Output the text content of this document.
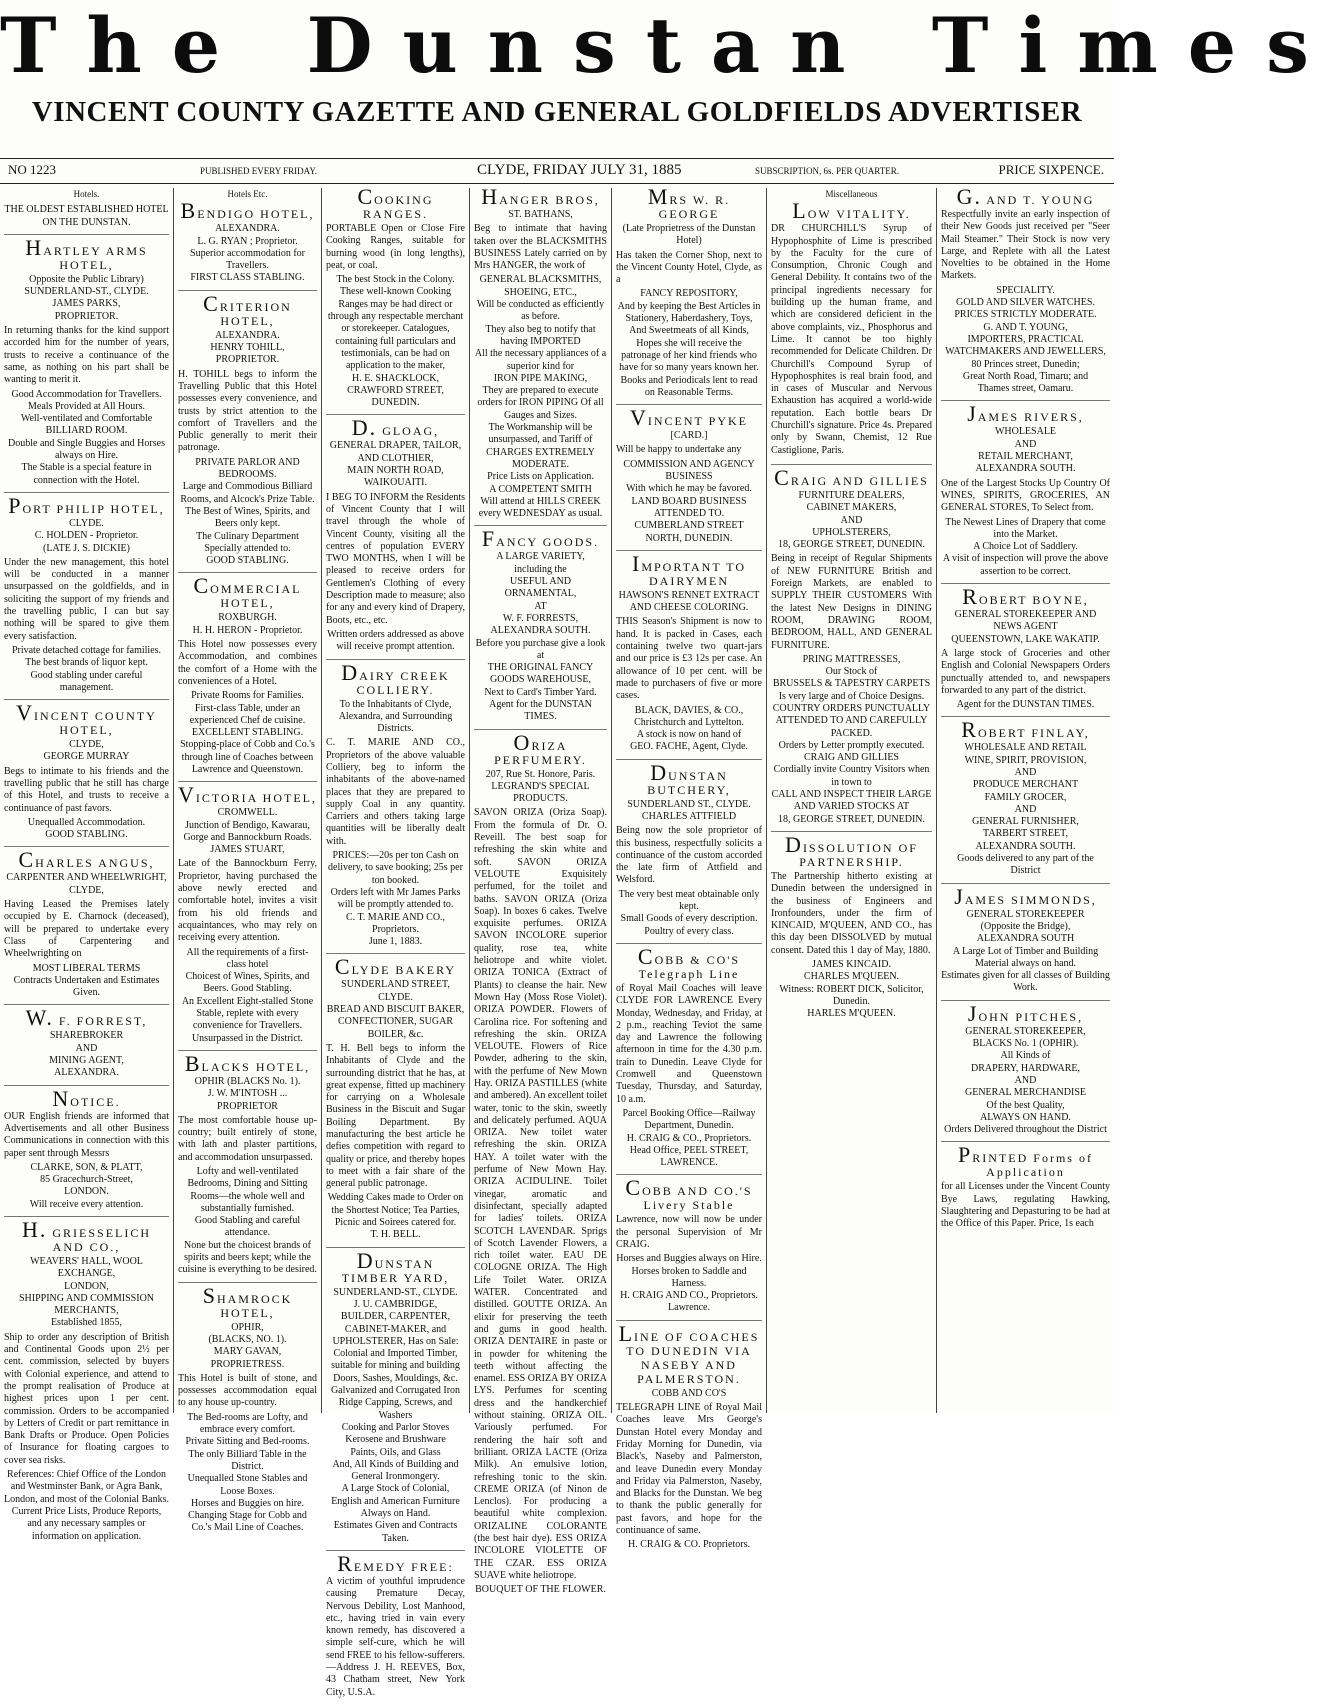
The Dunstan Times
VINCENT COUNTY GAZETTE AND GENERAL GOLDFIELDS ADVERTISER
NO 1223	PUBLISHED EVERY FRIDAY.	CLYDE, FRIDAY JULY 31, 1885	SUBSCRIPTION, 6s. PER QUARTER.	PRICE SIXPENCE.
Hotels.
THE OLDEST ESTABLISHED HOTEL
ON THE DUNSTAN.
HARTLEY ARMS HOTEL,
Opposite the Public Library)
SUNDERLAND-ST., CLYDE.
JAMES PARKS,
PROPRIETOR.
In returning thanks for the kind support accorded him for the number of years, trusts to receive a continuance of the same, as nothing on his part shall be wanting to merit it.
Good Accommodation for Travellers.
Meals Provided at All Hours.
Well-ventilated and Comfortable
BILLIARD ROOM.
Double and Single Buggies and Horses always on Hire.
The Stable is a special feature in connection with the Hotel.
PORT PHILIP HOTEL,
CLYDE.
C. HOLDEN - Proprietor.
(LATE J. S. DICKIE)
Under the new management, this hotel will be conducted in a manner unsurpassed on the goldfields, and in soliciting the support of my friends and the travelling public, I can but say nothing will be spared to give them every satisfaction.
Private detached cottage for families.
The best brands of liquor kept.
Good stabling under careful management.
VINCENT COUNTY HOTEL,
CLYDE,
GEORGE MURRAY
Begs to intimate to his friends and the travelling public that he still has charge of this Hotel, and trusts to receive a continuance of past favors.
Unequalled Accommodation.
GOOD STABLING.
CHARLES ANGUS,
CARPENTER AND WHEELWRIGHT,
CLYDE,
Having Leased the Premises lately occupied by E. Charnock (deceased), will be prepared to undertake every Class of Carpentering and Wheelwrighting on
MOST LIBERAL TERMS
Contracts Undertaken and Estimates Given.
W. F. FORREST,
SHAREBROKER
AND
MINING AGENT,
ALEXANDRA.
NOTICE.
OUR English friends are informed that Advertisements and all other Business Communications in connection with this paper sent through Messrs
CLARKE, SON, & PLATT,
85 Gracechurch-Street,
LONDON.
Will receive every attention.
H. GRIESSELICH AND CO.,
WEAVERS' HALL, WOOL EXCHANGE,
LONDON,
SHIPPING AND COMMISSION
MERCHANTS,
Established 1855,
Ship to order any description of British and Continental Goods upon 2½ per cent. commission, selected by buyers with Colonial experience, and attend to the prompt realisation of Produce at highest prices upon 1 per cent. commission. Orders to be accompanied by Letters of Credit or part remittance in Bank Drafts or Produce. Open Policies of Insurance for floating cargoes to cover sea risks.
References: Chief Office of the London and Westminster Bank, or Agra Bank, London, and most of the Colonial Banks.
Current Price Lists, Produce Reports, and any necessary samples or information on application.
Hotels Etc.
BENDIGO HOTEL,
ALEXANDRA.
L. G. RYAN ; Proprietor.
Superior accommodation for Travellers.
FIRST CLASS STABLING.
CRITERION HOTEL,
ALEXANDRA.
HENRY TOHILL,
PROPRIETOR.
H. TOHILL begs to inform the Travelling Public that this Hotel possesses every convenience, and trusts by strict attention to the comfort of Travellers and the Public generally to merit their patronage.
PRIVATE PARLOR AND BEDROOMS.
Large and Commodious Billiard Rooms, and Alcock's Prize Table.
The Best of Wines, Spirits, and Beers only kept.
The Culinary Department Specially attended to.
GOOD STABLING.
COMMERCIAL HOTEL,
ROXBURGH.
H. H. HERON - Proprietor.
This Hotel now possesses every Accommodation, and combines the comfort of a Home with the conveniences of a Hotel.
Private Rooms for Families.
First-class Table, under an experienced Chef de cuisine.
EXCELLENT STABLING.
Stopping-place of Cobb and Co.'s through line of Coaches between Lawrence and Queenstown.
VICTORIA HOTEL,
CROMWELL.
Junction of Bendigo, Kawarau, Gorge and Bannockburn Roads.
JAMES STUART,
Late of the Bannockburn Ferry, Proprietor, having purchased the above newly erected and comfortable hotel, invites a visit from his old friends and acquaintances, who may rely on receiving every attention.
All the requirements of a first-class hotel
Choicest of Wines, Spirits, and Beers. Good Stabling.
An Excellent Eight-stalled Stone Stable, replete with every convenience for Travellers. Unsurpassed in the District.
BLACKS HOTEL,
OPHIR (BLACKS No. 1).
J. W. M'INTOSH ... PROPRIETOR
The most comfortable house up-country; built entirely of stone, with lath and plaster partitions, and accommodation unsurpassed.
Lofty and well-ventilated Bedrooms, Dining and Sitting Rooms—the whole well and substantially furnished.
Good Stabling and careful attendance.
None but the choicest brands of spirits and beers kept; while the cuisine is everything to be desired.
SHAMROCK HOTEL,
OPHIR,
(BLACKS, NO. 1).
MARY GAVAN,
PROPRIETRESS.
This Hotel is built of stone, and possesses accommodation equal to any house up-country.
The Bed-rooms are Lofty, and embrace every comfort.
Private Sitting and Bed-rooms.
The only Billiard Table in the District.
Unequalled Stone Stables and Loose Boxes.
Horses and Buggies on hire.
Changing Stage for Cobb and Co.'s Mail Line of Coaches.
COOKING RANGES.
PORTABLE Open or Close Fire Cooking Ranges, suitable for burning wood (in long lengths), peat, or coal.
The best Stock in the Colony.
These well-known Cooking Ranges may be had direct or through any respectable merchant or storekeeper. Catalogues, containing full particulars and testimonials, can be had on application to the maker,
H. E. SHACKLOCK,
CRAWFORD STREET,
DUNEDIN.
D. GLOAG,
GENERAL DRAPER, TAILOR, AND CLOTHIER,
MAIN NORTH ROAD, WAIKOUAITI.
I BEG TO INFORM the Residents of Vincent County that I will travel through the whole of Vincent County, visiting all the centres of population EVERY TWO MONTHS, when I will be pleased to receive orders for Gentlemen's Clothing of every Description made to measure; also for any and every kind of Drapery, Boots, etc., etc.
Written orders addressed as above will receive prompt attention.
DAIRY CREEK COLLIERY.
To the Inhabitants of Clyde, Alexandra, and Surrounding Districts.
C. T. MARIE AND CO., Proprietors of the above valuable Colliery, beg to inform the inhabitants of the above-named places that they are prepared to supply Coal in any quantity. Carriers and others taking large quantities will be liberally dealt with.
PRICES:—20s per ton Cash on delivery, to save booking; 25s per ton booked.
Orders left with Mr James Parks will be promptly attended to.
C. T. MARIE AND CO., Proprietors.
June 1, 1883.
CLYDE BAKERY
SUNDERLAND STREET, CLYDE.
BREAD AND BISCUIT BAKER, CONFECTIONER, SUGAR BOILER, &c.
T. H. Bell begs to inform the Inhabitants of Clyde and the surrounding district that he has, at great expense, fitted up machinery for carrying on a Wholesale Business in the Biscuit and Sugar Boiling Department. By manufacturing the best article he defies competition with regard to quality or price, and thereby hopes to meet with a fair share of the general public patronage.
Wedding Cakes made to Order on the Shortest Notice; Tea Parties, Picnic and Soirees catered for.
T. H. BELL.
DUNSTAN TIMBER YARD,
SUNDERLAND-ST., CLYDE.
J. U. CAMBRIDGE,
BUILDER, CARPENTER, CABINET-MAKER, and UPHOLSTERER, Has on Sale:
Colonial and Imported Timber, suitable for mining and building
Doors, Sashes, Mouldings, &c.
Galvanized and Corrugated Iron
Ridge Capping, Screws, and Washers
Cooking and Parlor Stoves
Kerosene and Brushware
Paints, Oils, and Glass
And, All Kinds of Building and General Ironmongery.
A Large Stock of Colonial, English and American Furniture Always on Hand.
Estimates Given and Contracts Taken.
REMEDY FREE:
A victim of youthful imprudence causing Premature Decay, Nervous Debility, Lost Manhood, etc., having tried in vain every known remedy, has discovered a simple self-cure, which he will send FREE to his fellow-sufferers. —Address J. H. REEVES, Box, 43 Chatham street, New York City, U.S.A.
HANGER BROS,
ST. BATHANS,
Beg to intimate that having taken over the BLACKSMITHS BUSINESS Lately carried on by Mrs HANGER, the work of
GENERAL BLACKSMITHS, SHOEING, ETC.,
Will be conducted as efficiently as before.
They also beg to notify that having IMPORTED
All the necessary appliances of a superior kind for
IRON PIPE MAKING,
They are prepared to execute orders for IRON PIPING Of all Gauges and Sizes.
The Workmanship will be unsurpassed, and Tariff of CHARGES EXTREMELY MODERATE.
Price Lists on Application.
A COMPETENT SMITH
Will attend at HILLS CREEK every WEDNESDAY as usual.
FANCY GOODS.
A LARGE VARIETY,
including the
USEFUL AND ORNAMENTAL,
AT
W. F. FORRESTS,
ALEXANDRA SOUTH.
Before you purchase give a look at
THE ORIGINAL FANCY GOODS WAREHOUSE,
Next to Card's Timber Yard.
Agent for the DUNSTAN TIMES.
ORIZA PERFUMERY.
207, Rue St. Honore, Paris.
LEGRAND'S SPECIAL PRODUCTS.
SAVON ORIZA (Oriza Soap). From the formula of Dr. O. Reveill. The best soap for refreshing the skin white and soft. SAVON ORIZA VELOUTE Exquisitely perfumed, for the toilet and baths. SAVON ORIZA (Oriza Soap). In boxes 6 cakes. Twelve exquisite perfumes. ORIZA SAVON INCOLORE superior quality, rose tea, white heliotrope and white violet. ORIZA TONICA (Extract of Plants) to cleanse the hair. New Mown Hay (Moss Rose Violet). ORIZA POWDER. Flowers of Carolina rice. For softening and refreshing the skin. ORIZA VELOUTE. Flowers of Rice Powder, adhering to the skin, with the perfume of New Mown Hay. ORIZA PASTILLES (white and ambered). An excellent toilet water, tonic to the skin, sweetly and delicately perfumed. AQUA ORIZA. New toilet water refreshing the skin. ORIZA HAY. A toilet water with the perfume of New Mown Hay. ORIZA ACIDULINE. Toilet vinegar, aromatic and disinfectant, specially adapted for ladies' toilets. ORIZA SCOTCH LAVENDAR. Sprigs of Scotch Lavender Flowers, a rich toilet water. EAU DE COLOGNE ORIZA. The High Life Toilet Water. ORIZA WATER. Concentrated and distilled. GOUTTE ORIZA. An elixir for preserving the teeth and gums in good health. ORIZA DENTAIRE in paste or in powder for whitening the teeth without affecting the enamel. ESS ORIZA BY ORIZA LYS. Perfumes for scenting dress and the handkerchief without staining. ORIZA OIL. Variously perfumed. For rendering the hair soft and brilliant. ORIZA LACTE (Oriza Milk). An emulsive lotion, refreshing tonic to the skin. CREME ORIZA (of Ninon de Lenclos). For producing a beautiful white complexion. ORIZALINE COLORANTE (the best hair dye). ESS ORIZA INCOLORE VIOLETTE OF THE CZAR. ESS ORIZA SUAVE white heliotrope.
BOUQUET OF THE FLOWER.
MRS W. R. GEORGE
(Late Proprietress of the Dunstan Hotel)
Has taken the Corner Shop, next to the Vincent County Hotel, Clyde, as a
FANCY REPOSITORY,
And by keeping the Best Articles in Stationery, Haberdashery, Toys,
And Sweetmeats of all Kinds,
Hopes she will receive the patronage of her kind friends who have for so many years known her.
Books and Periodicals lent to read on Reasonable Terms.
VINCENT PYKE
[CARD.]
Will be happy to undertake any
COMMISSION AND AGENCY BUSINESS
With which he may be favored.
LAND BOARD BUSINESS ATTENDED TO.
CUMBERLAND STREET NORTH, DUNEDIN.
IMPORTANT TO DAIRYMEN
HAWSON'S RENNET EXTRACT AND CHEESE COLORING.
THIS Season's Shipment is now to hand. It is packed in Cases, each containing twelve two quart-jars and our price is £3 12s per case. An allowance of 10 per cent. will be made to purchasers of five or more cases.
BLACK, DAVIES, & CO.,
Christchurch and Lyttelton.
A stock is now on hand of
GEO. FACHE, Agent, Clyde.
DUNSTAN BUTCHERY,
SUNDERLAND ST., CLYDE.
CHARLES ATTFIELD
Being now the sole proprietor of this business, respectfully solicits a continuance of the custom accorded the late firm of Attfield and Welsford.
The very best meat obtainable only kept.
Small Goods of every description. Poultry of every class.
COBB & CO'S Telegraph Line
of Royal Mail Coaches will leave CLYDE FOR LAWRENCE Every Monday, Wednesday, and Friday, at 2 p.m., reaching Teviot the same day and Lawrence the following afternoon in time for the 4.30 p.m. train to Dunedin. Leave Clyde for Cromwell and Queenstown Tuesday, Thursday, and Saturday, 10 a.m.
Parcel Booking Office—Railway Department, Dunedin.
H. CRAIG & CO., Proprietors.
Head Office, PEEL STREET, LAWRENCE.
COBB AND CO.'S Livery Stable
Lawrence, now will now be under the personal Supervision of Mr CRAIG.
Horses and Buggies always on Hire.
Horses broken to Saddle and Harness.
H. CRAIG AND CO., Proprietors.
Lawrence.
LINE OF COACHES TO DUNEDIN VIA NASEBY AND PALMERSTON.
COBB AND CO'S
TELEGRAPH LINE of Royal Mail Coaches leave Mrs George's Dunstan Hotel every Monday and Friday Morning for Dunedin, via Black's, Naseby and Palmerston, and leave Dunedin every Monday and Friday via Palmerston, Naseby, and Blacks for the Dunstan. We beg to thank the public generally for past favors, and hope for the continuance of same.
H. CRAIG & CO. Proprietors.
Miscellaneous
LOW VITALITY.
DR CHURCHILL'S Syrup of Hypophosphite of Lime is prescribed by the Faculty for the cure of Consumption, Chronic Cough and General Debility. It contains two of the principal ingredients necessary for building up the human frame, and which are considered deficient in the above complaints, viz., Phosphorus and Lime. It cannot be too highly recommended for Delicate Children. Dr Churchill's Compound Syrup of Hypophosphites is real brain food, and in cases of Muscular and Nervous Exhaustion has acquired a world-wide reputation. Each bottle bears Dr Churchill's signature. Price 4s. Prepared only by Swann, Chemist, 12 Rue Castiglione, Paris.
CRAIG AND GILLIES
FURNITURE DEALERS,
CABINET MAKERS,
AND
UPHOLSTERERS,
18, GEORGE STREET, DUNEDIN.
Being in receipt of Regular Shipments of NEW FURNITURE British and Foreign Markets, are enabled to SUPPLY THEIR CUSTOMERS With the latest New Designs in DINING ROOM, DRAWING ROOM, BEDROOM, HALL, AND GENERAL FURNITURE.
PRING MATTRESSES,
Our Stock of
BRUSSELS & TAPESTRY CARPETS
Is very large and of Choice Designs.
COUNTRY ORDERS PUNCTUALLY ATTENDED TO AND CAREFULLY PACKED.
Orders by Letter promptly executed.
CRAIG AND GILLIES
Cordially invite Country Visitors when in town to
CALL AND INSPECT THEIR LARGE AND VARIED STOCKS AT
18, GEORGE STREET, DUNEDIN.
DISSOLUTION OF PARTNERSHIP.
The Partnership hitherto existing at Dunedin between the undersigned in the business of Engineers and Ironfounders, under the firm of KINCAID, M'QUEEN, AND CO., has this day been DISSOLVED by mutual consent. Dated this 1 day of May, 1880.
JAMES KINCAID.
CHARLES M'QUEEN.
Witness: ROBERT DICK, Solicitor, Dunedin.
HARLES M'QUEEN.
G. AND T. YOUNG
Respectfully invite an early inspection of their New Goods just received per "Seer Mail Steamer." Their Stock is now very Large, and Replete with all the Latest Novelties to be obtained in the Home Markets.
SPECIALITY.
GOLD AND SILVER WATCHES.
PRICES STRICTLY MODERATE.
G. AND T. YOUNG,
IMPORTERS, PRACTICAL
WATCHMAKERS AND JEWELLERS,
80 Princes street, Dunedin;
Great North Road, Timaru; and
Thames street, Oamaru.
JAMES RIVERS,
WHOLESALE
AND
RETAIL MERCHANT,
ALEXANDRA SOUTH.
One of the Largest Stocks Up Country Of WINES, SPIRITS, GROCERIES, AN GENERAL STORES, To Select from.
The Newest Lines of Drapery that come into the Market.
A Choice Lot of Saddlery.
A visit of inspection will prove the above assertion to be correct.
ROBERT BOYNE,
GENERAL STOREKEEPER AND NEWS AGENT
QUEENSTOWN, LAKE WAKATIP.
A large stock of Groceries and other English and Colonial Newspapers Orders punctually attended to, and newspapers forwarded to any part of the district.
Agent for the DUNSTAN TIMES.
ROBERT FINLAY,
WHOLESALE AND RETAIL
WINE, SPIRIT, PROVISION,
AND
PRODUCE MERCHANT
FAMILY GROCER,
AND
GENERAL FURNISHER,
TARBERT STREET,
ALEXANDRA SOUTH.
Goods delivered to any part of the District
JAMES SIMMONDS,
GENERAL STOREKEEPER
(Opposite the Bridge),
ALEXANDRA SOUTH
A Large Lot of Timber and Building Material always on hand.
Estimates given for all classes of Building Work.
JOHN PITCHES,
GENERAL STOREKEEPER,
BLACKS No. 1 (OPHIR).
All Kinds of
DRAPERY, HARDWARE,
AND
GENERAL MERCHANDISE
Of the best Quality,
ALWAYS ON HAND.
Orders Delivered throughout the District
PRINTED Forms of Application
for all Licenses under the Vincent County Bye Laws, regulating Hawking, Slaughtering and Depasturing to be had at the Office of this Paper. Price, 1s each
